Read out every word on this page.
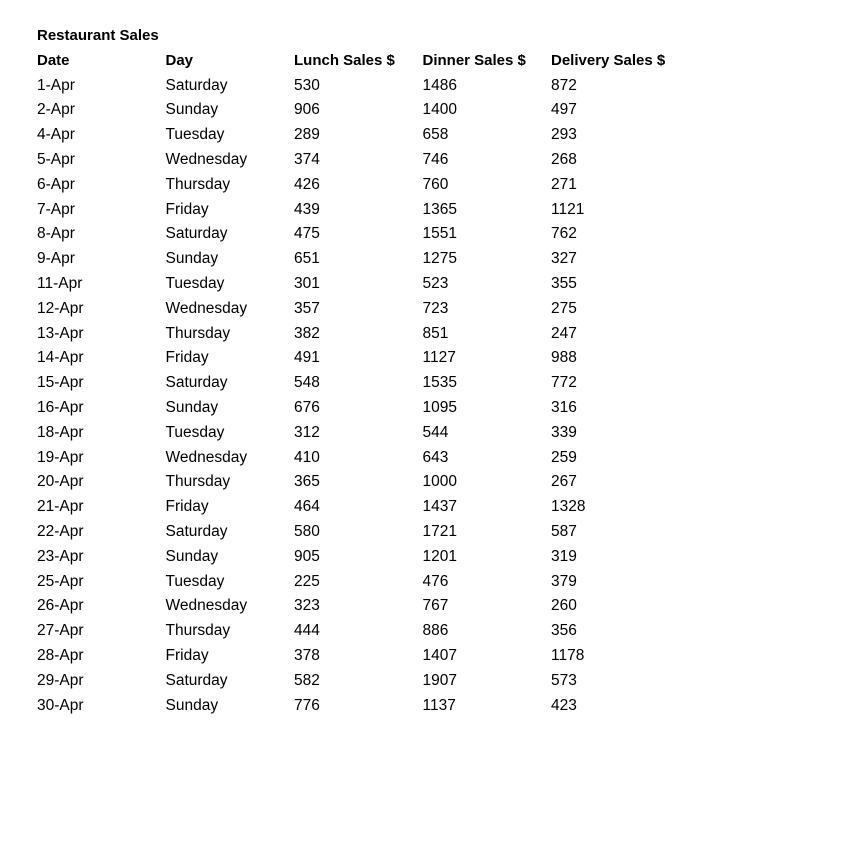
Restaurant Sales
Date	Day	Lunch Sales $	Dinner Sales $	Delivery Sales $
1-Apr	Saturday	530	1486	872
2-Apr	Sunday	906	1400	497
4-Apr	Tuesday	289	658	293
5-Apr	Wednesday	374	746	268
6-Apr	Thursday	426	760	271
7-Apr	Friday	439	1365	1121
8-Apr	Saturday	475	1551	762
9-Apr	Sunday	651	1275	327
11-Apr	Tuesday	301	523	355
12-Apr	Wednesday	357	723	275
13-Apr	Thursday	382	851	247
14-Apr	Friday	491	1127	988
15-Apr	Saturday	548	1535	772
16-Apr	Sunday	676	1095	316
18-Apr	Tuesday	312	544	339
19-Apr	Wednesday	410	643	259
20-Apr	Thursday	365	1000	267
21-Apr	Friday	464	1437	1328
22-Apr	Saturday	580	1721	587
23-Apr	Sunday	905	1201	319
25-Apr	Tuesday	225	476	379
26-Apr	Wednesday	323	767	260
27-Apr	Thursday	444	886	356
28-Apr	Friday	378	1407	1178
29-Apr	Saturday	582	1907	573
30-Apr	Sunday	776	1137	423
